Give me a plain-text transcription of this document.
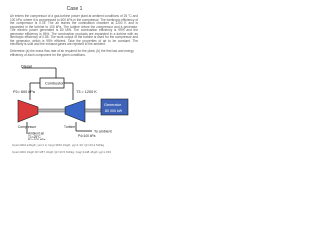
Case 1
Air enters the compressor of a gas-turbine power plant at ambient conditions of 25 °C and 100 kPa, where it is compressed to 600 kPa in the compressor. The isentropic efficiency of the compressor is 0.78. The air leaves the combustion chamber at 1200 K and is expanded in the turbine to 100 kPa. The turbine drives the compressor and a generator. The electric power generated is 80 MW. The combustion efficiency is 99% and the generator efficiency is 96%. The combustion products are expanded in a turbine with an isentropic efficiency of 0.85. The work output of the turbine is used for the compressor and the generator, which is 95% efficient. Take the properties of air to be constant. The electricity is sold and the exhaust gases are rejected to the ambient.
Determine (a) the mass flow rate of air required for the plant, (b) the first law and exergy efficiency of each component for the given conditions.
Diesel
Combustor
P2= 600 kPa	T3 = 1200 K
Generator
80 000 kW
Compressor	Turbine
Ambient air
T1=25°C
P1=100 kPa
To ambient
P4=100 kPa
Cpa=1004 kJ/kgK; γa=1.4; Cpg=1150 J/kgK; γg=1.33; Qr=43.2 MJ/kg
Cpa=1004 J/kgK Rr=287 J/kgK Qr=43.5 MJ/kg; Cpg=1148 J/kgK γg=1.333
